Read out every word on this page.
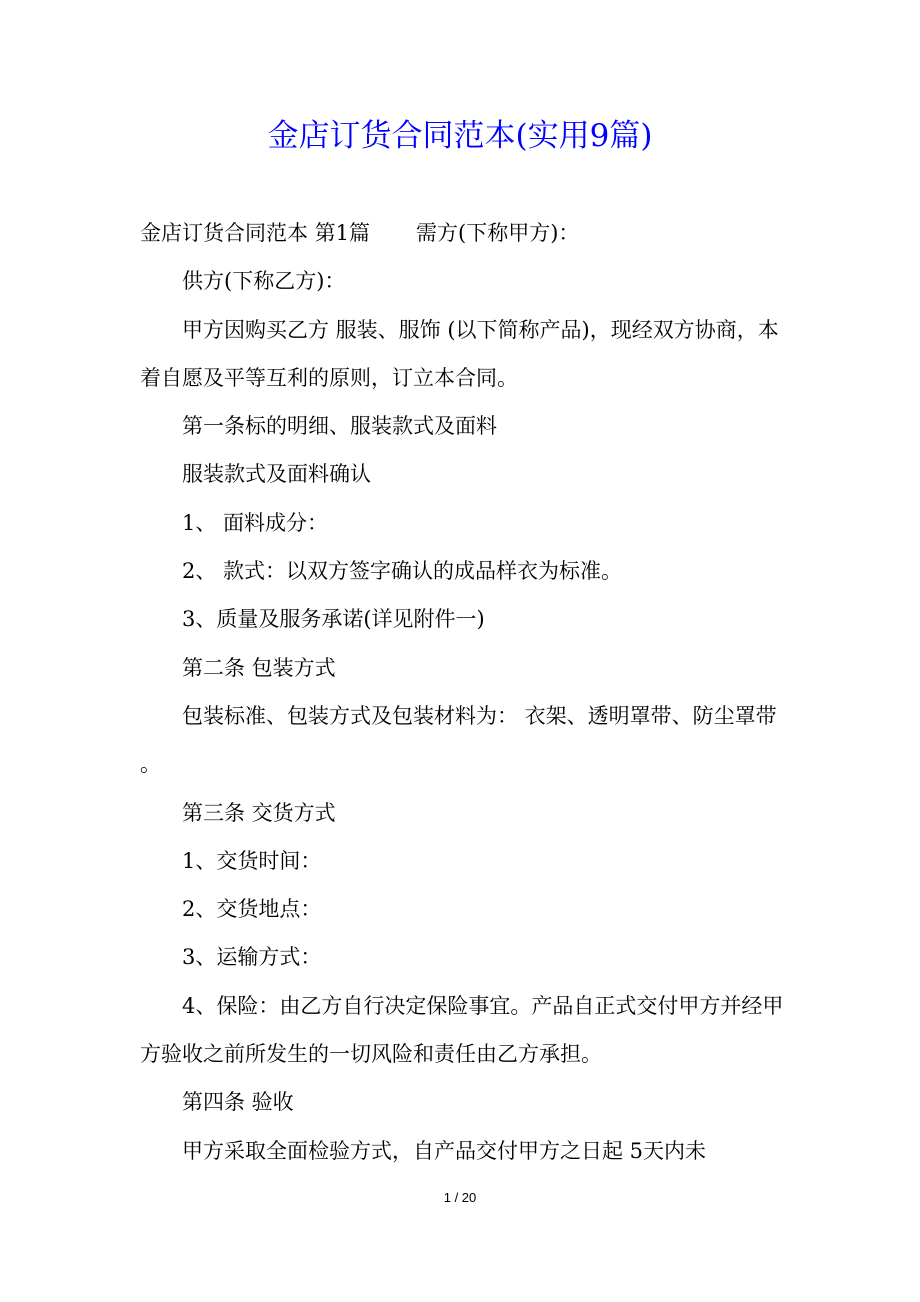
金店订货合同范本(实用9篇)

金店订货合同范本 第1篇 需方(下称甲方)：

供方(下称乙方)：

甲方因购买乙方 服装、服饰 (以下简称产品)，现经双方协商，本着自愿及平等互利的原则，订立本合同。

第一条标的明细、服装款式及面料

服装款式及面料确认

1、 面料成分：

2、 款式：以双方签字确认的成品样衣为标准。

3、质量及服务承诺(详见附件一)

第二条 包装方式

包装标准、包装方式及包装材料为： 衣架、透明罩带、防尘罩带 。

第三条 交货方式

1、交货时间：

2、交货地点：

3、运输方式：

4、保险：由乙方自行决定保险事宜。产品自正式交付甲方并经甲方验收之前所发生的一切风险和责任由乙方承担。

第四条 验收

甲方采取全面检验方式，自产品交付甲方之日起 5天内未

1 / 20
